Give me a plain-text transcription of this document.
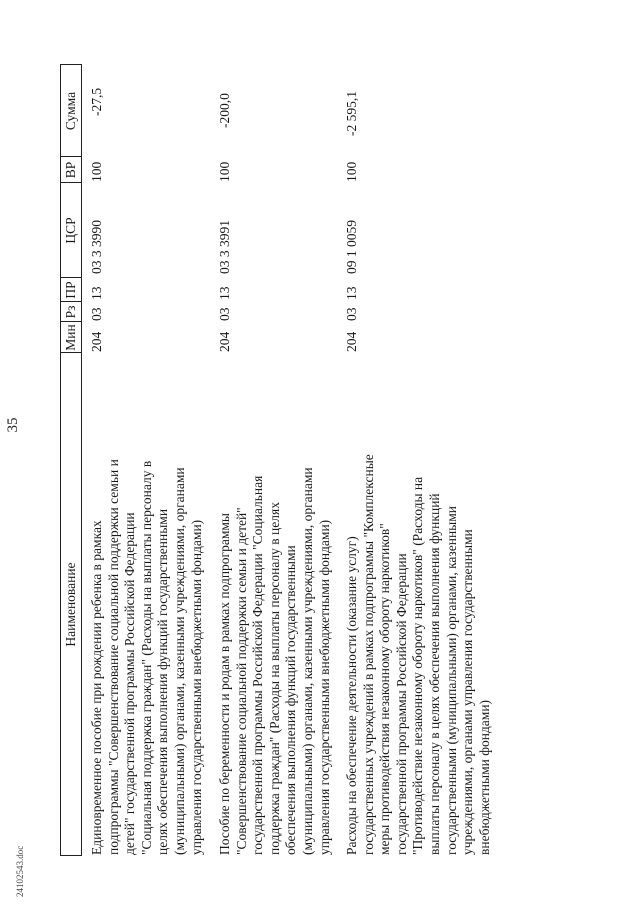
35
Наименование
Мин
Рз
ПР
ЦСР
ВР
Сумма
Единовременное пособие при рождении ребенка в рамках подпрограммы "Совершенствование социальной поддержки семьи и детей" государственной программы Российской Федерации "Социальная поддержка граждан" (Расходы на выплаты персоналу в целях обеспечения выполнения функций государственными (муниципальными) органами, казенными учреждениями, органами управления государственными внебюджетными фондами)
204
03
13
03 3 3990
100
-27,5
Пособие по беременности и родам в рамках подпрограммы "Совершенствование социальной поддержки семьи и детей" государственной программы Российской Федерации "Социальная поддержка граждан" (Расходы на выплаты персоналу в целях обеспечения выполнения функций государственными (муниципальными) органами, казенными учреждениями, органами управления государственными внебюджетными фондами)
204
03
13
03 3 3991
100
-200,0
Расходы на обеспечение деятельности (оказание услуг) государственных учреждений в рамках подпрограммы "Комплексные меры противодействия незаконному обороту наркотиков" государственной программы Российской Федерации "Противодействие незаконному обороту наркотиков" (Расходы на выплаты персоналу в целях обеспечения выполнения функций государственными (муниципальными) органами, казенными учреждениями, органами управления государственными внебюджетными фондами)
204
03
13
09 1 0059
100
-2 595,1
24102543.doc
